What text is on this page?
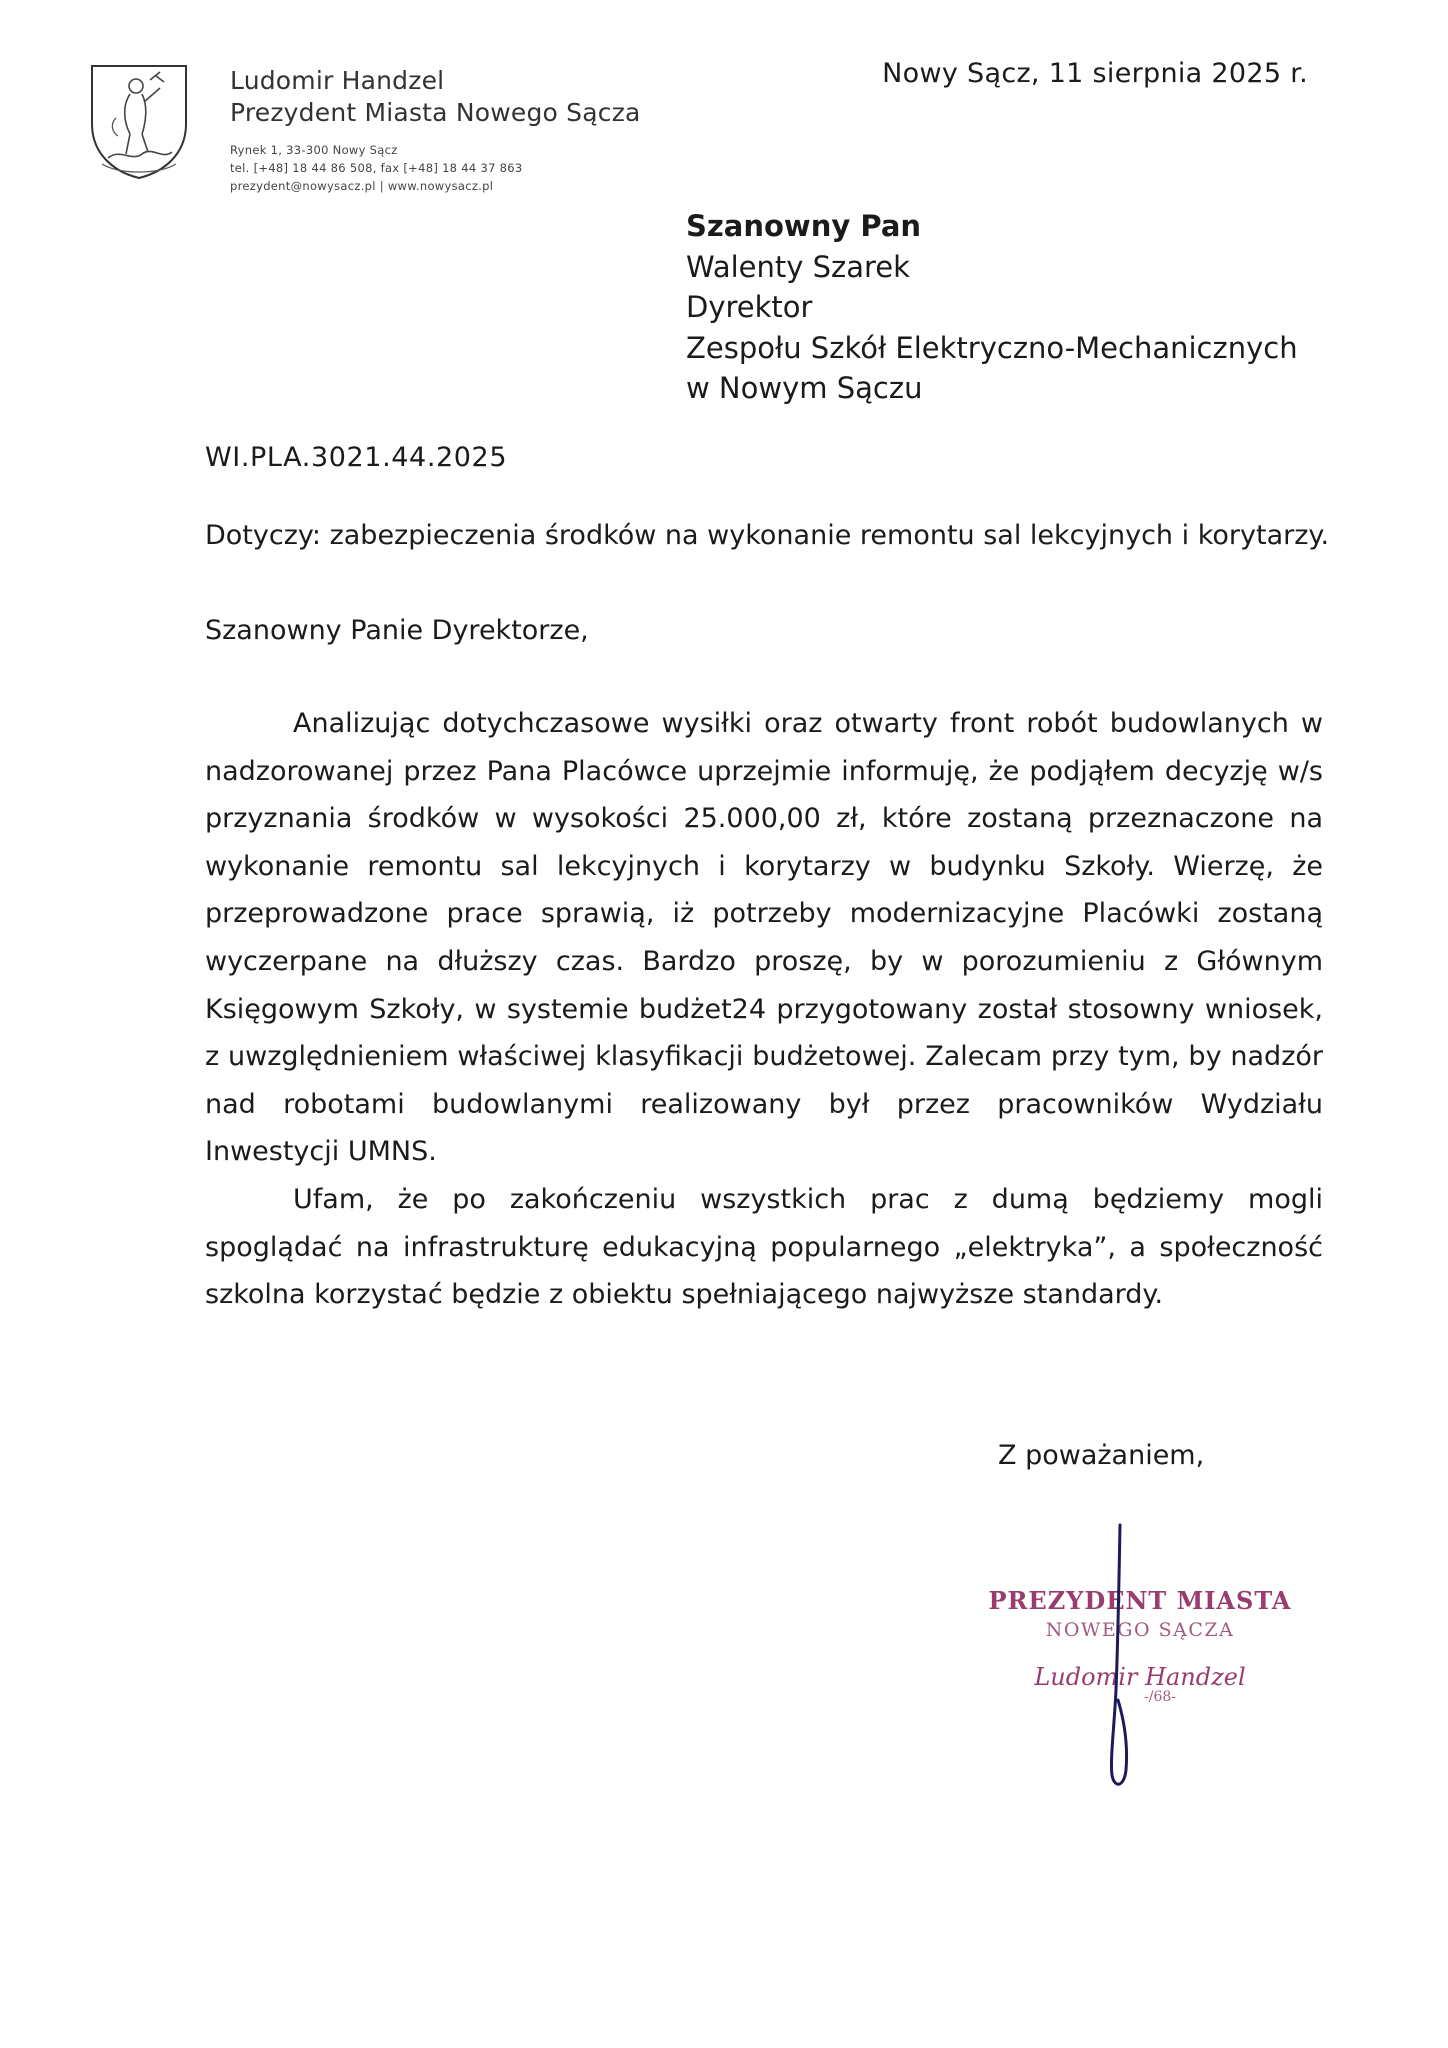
Ludomir Handzel
Prezydent Miasta Nowego Sącza
Rynek 1, 33-300 Nowy Sącz
tel. [+48] 18 44 86 508, fax [+48] 18 44 37 863
prezydent@nowysacz.pl | www.nowysacz.pl
Nowy Sącz, 11 sierpnia 2025 r.
Szanowny Pan
Walenty Szarek
Dyrektor
Zespołu Szkół Elektryczno-Mechanicznych
w Nowym Sączu
WI.PLA.3021.44.2025
Dotyczy: zabezpieczenia środków na wykonanie remontu sal lekcyjnych i korytarzy.
Szanowny Panie Dyrektorze,

Analizując dotychczasowe wysiłki oraz otwarty front robót budowlanych w nadzorowanej przez Pana Placówce uprzejmie informuję, że podjąłem decyzję w/s przyznania środków w wysokości 25.000,00 zł, które zostaną przeznaczone na wykonanie remontu sal lekcyjnych i korytarzy w budynku Szkoły. Wierzę, że przeprowadzone prace sprawią, iż potrzeby modernizacyjne Placówki zostaną wyczerpane na dłuższy czas. Bardzo proszę, by w porozumieniu z Głównym Księgowym Szkoły, w systemie budżet24 przygotowany został stosowny wniosek, z uwzględnieniem właściwej klasyfikacji budżetowej. Zalecam przy tym, by nadzór nad robotami budowlanymi realizowany był przez pracowników Wydziału Inwestycji UMNS.

Ufam, że po zakończeniu wszystkich prac z dumą będziemy mogli spoglądać na infrastrukturę edukacyjną popularnego „elektryka”, a społeczność szkolna korzystać będzie z obiektu spełniającego najwyższe standardy.

Z poważaniem,
PREZYDENT MIASTA
NOWEGO SĄCZA
Ludomir Handzel
-/68-
